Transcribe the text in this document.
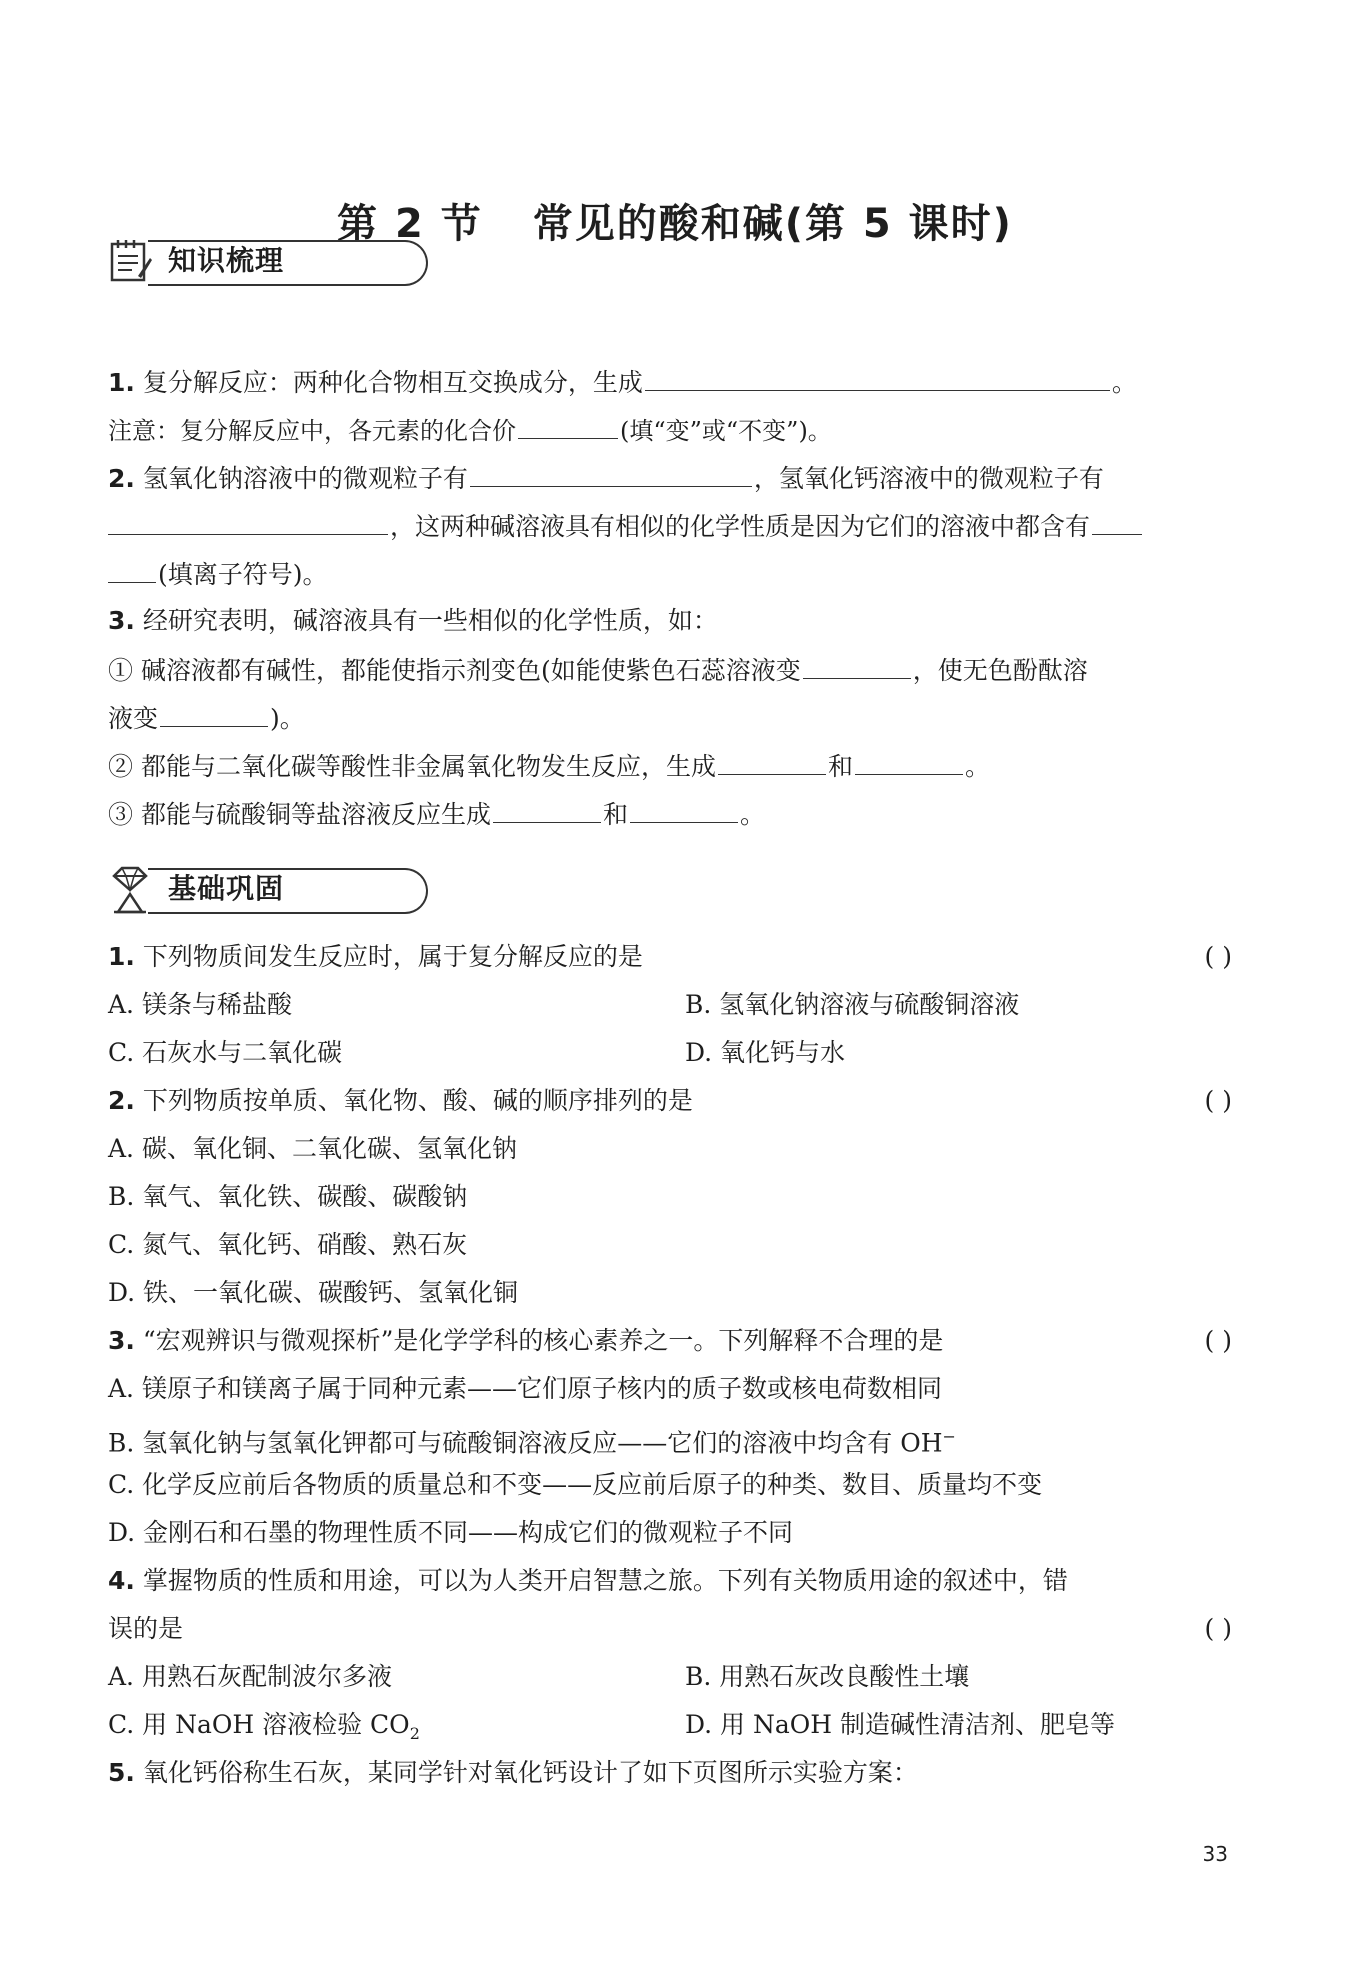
第 2 节 常见的酸和碱(第 5 课时)
知识梳理
1. 复分解反应：两种化合物相互交换成分，生成	。
注意：复分解反应中，各元素的化合价	(填“变”或“不变”)。
2. 氢氧化钠溶液中的微观粒子有	，氢氧化钙溶液中的微观粒子有
，这两种碱溶液具有相似的化学性质是因为它们的溶液中都含有
(填离子符号)。
3. 经研究表明，碱溶液具有一些相似的化学性质，如：
① 碱溶液都有碱性，都能使指示剂变色(如能使紫色石蕊溶液变	，使无色酚酞溶
液变	)。
② 都能与二氧化碳等酸性非金属氧化物发生反应，生成	和	。
③ 都能与硫酸铜等盐溶液反应生成	和	。
基础巩固
1. 下列物质间发生反应时，属于复分解反应的是	( )
A. 镁条与稀盐酸	B. 氢氧化钠溶液与硫酸铜溶液
C. 石灰水与二氧化碳	D. 氧化钙与水
2. 下列物质按单质、氧化物、酸、碱的顺序排列的是	( )
A. 碳、氧化铜、二氧化碳、氢氧化钠
B. 氧气、氧化铁、碳酸、碳酸钠
C. 氮气、氧化钙、硝酸、熟石灰
D. 铁、一氧化碳、碳酸钙、氢氧化铜
3. “宏观辨识与微观探析”是化学学科的核心素养之一。下列解释不合理的是	( )
A. 镁原子和镁离子属于同种元素——它们原子核内的质子数或核电荷数相同
B. 氢氧化钠与氢氧化钾都可与硫酸铜溶液反应——它们的溶液中均含有 OH−
C. 化学反应前后各物质的质量总和不变——反应前后原子的种类、数目、质量均不变
D. 金刚石和石墨的物理性质不同——构成它们的微观粒子不同
4. 掌握物质的性质和用途，可以为人类开启智慧之旅。下列有关物质用途的叙述中，错
误的是	( )
A. 用熟石灰配制波尔多液	B. 用熟石灰改良酸性土壤
C. 用 NaOH 溶液检验 $CO_2$	D. 用 NaOH 制造碱性清洁剂、肥皂等
5. 氧化钙俗称生石灰，某同学针对氧化钙设计了如下页图所示实验方案：
33
